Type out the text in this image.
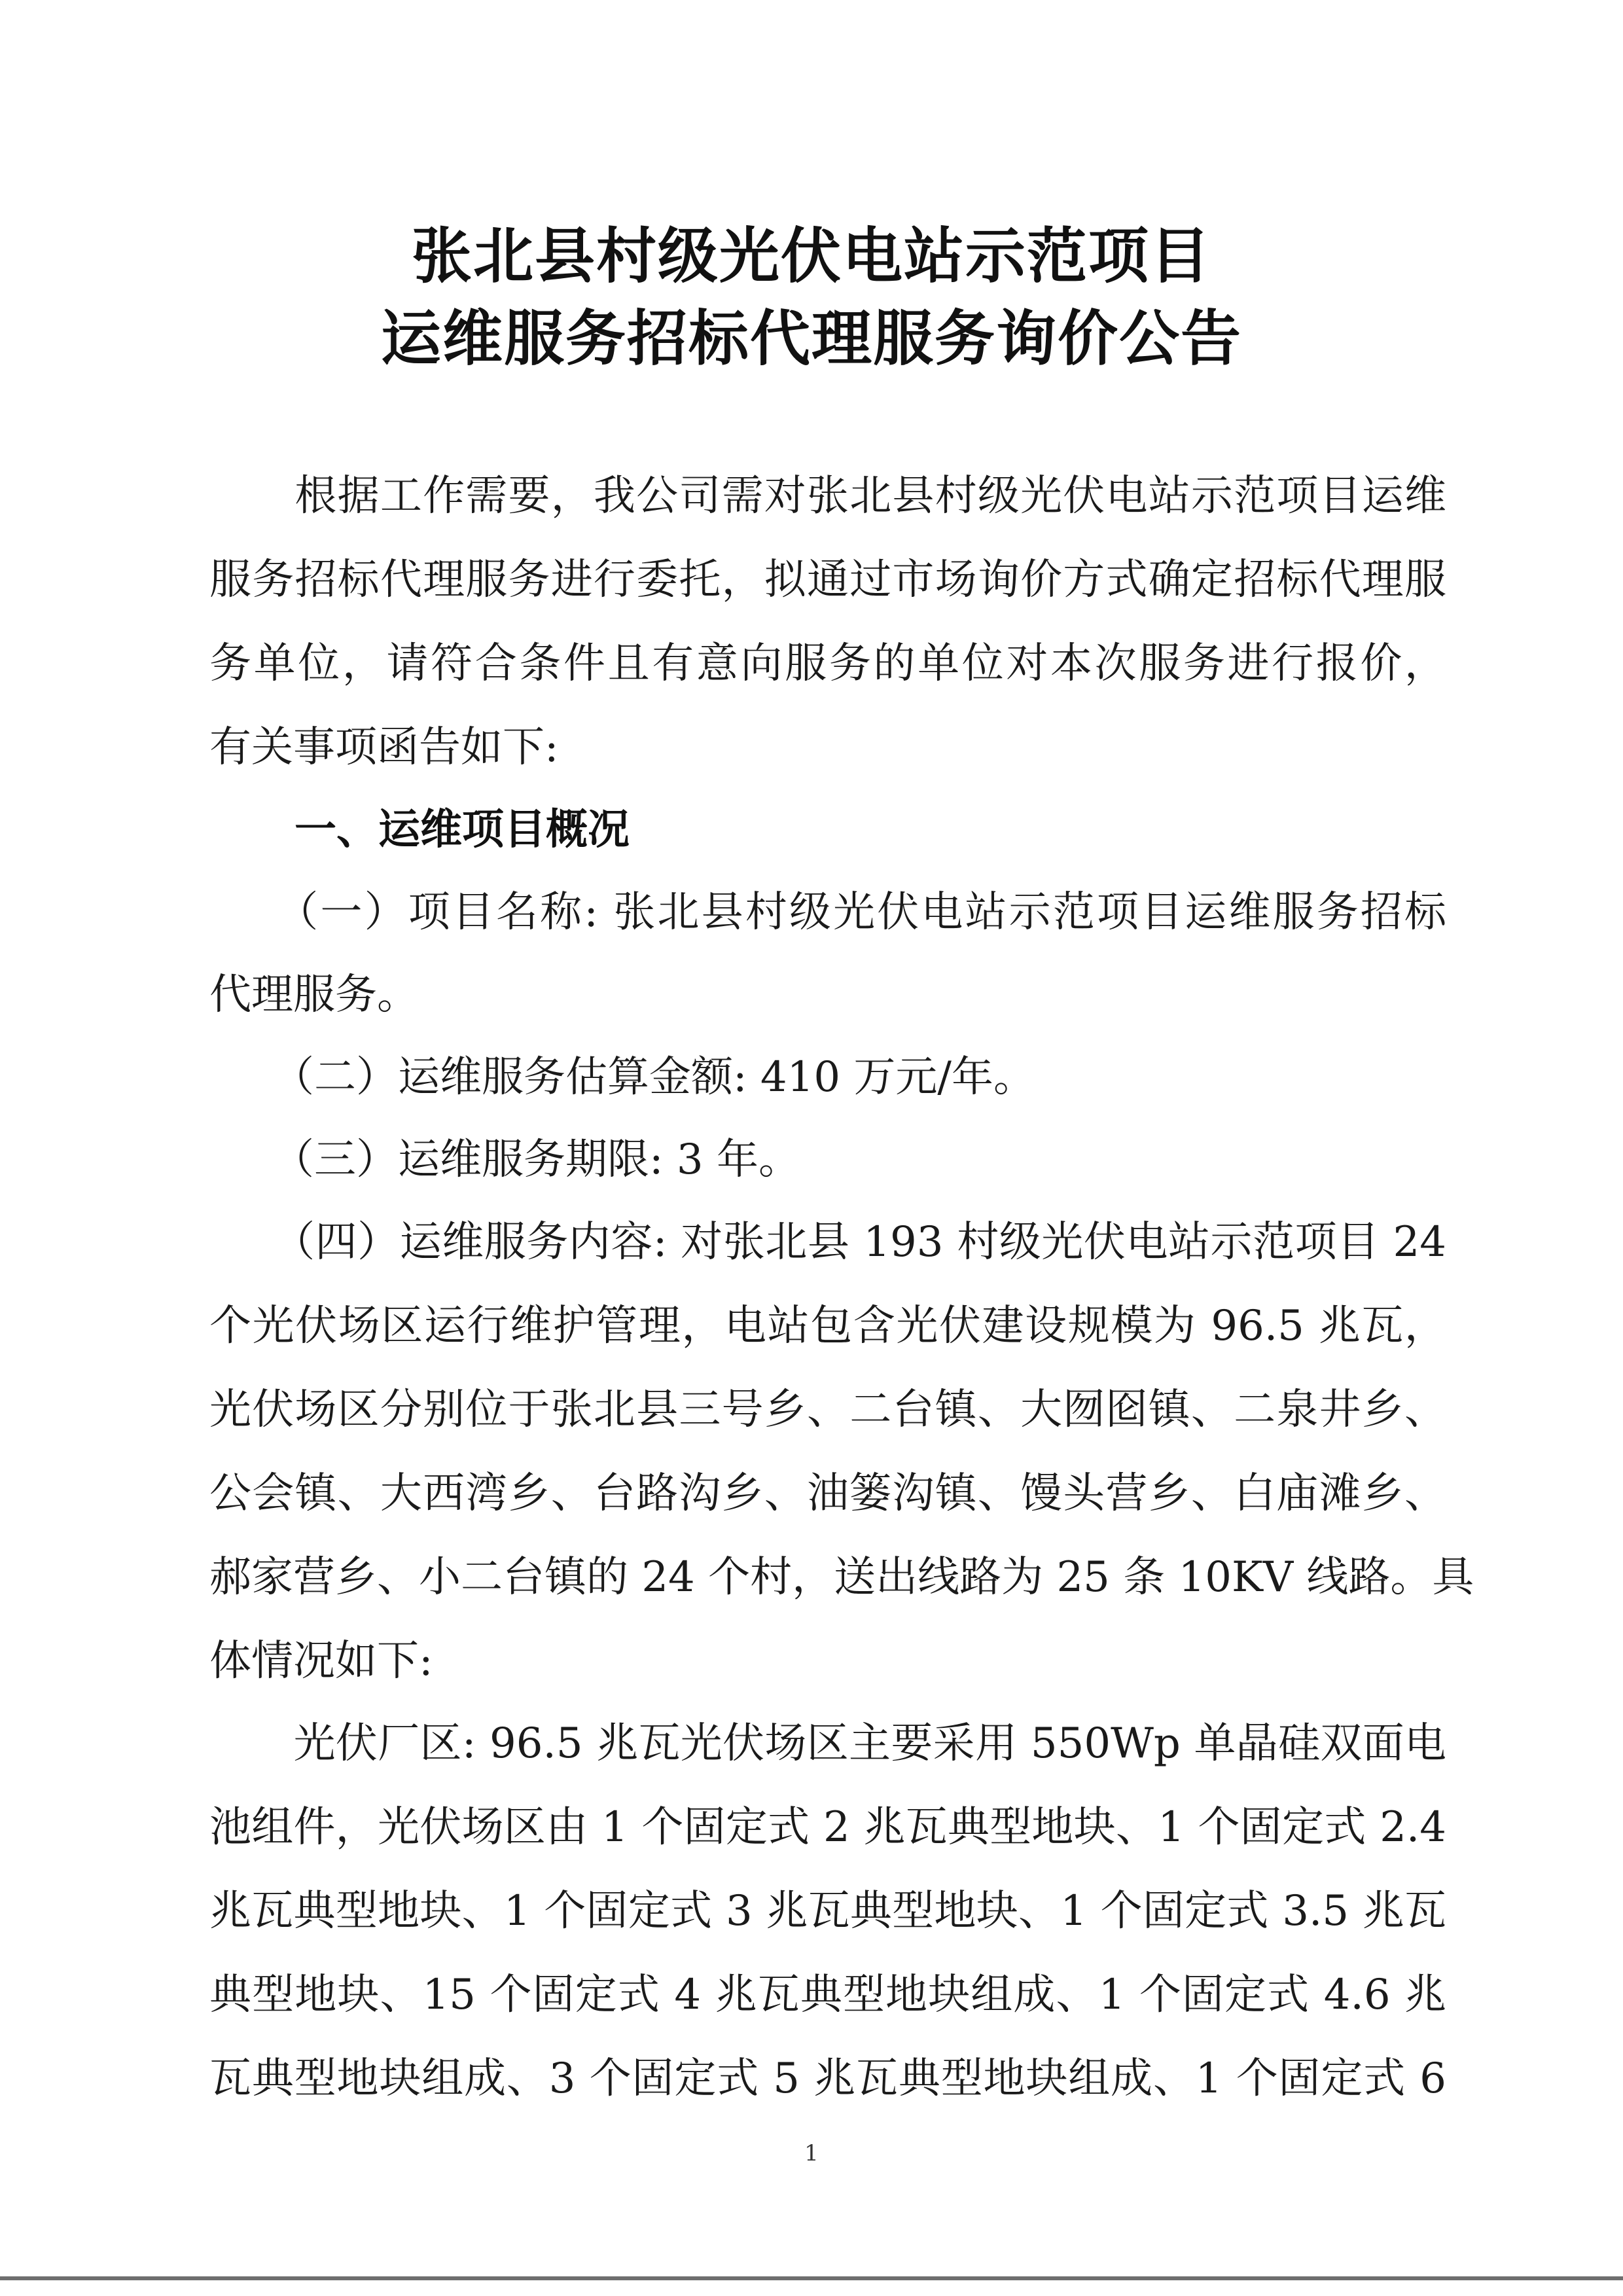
张北县村级光伏电站示范项目
运维服务招标代理服务询价公告
　　根据工作需要，我公司需对张北县村级光伏电站示范项目运维
服务招标代理服务进行委托，拟通过市场询价方式确定招标代理服
务单位，请符合条件且有意向服务的单位对本次服务进行报价，
有关事项函告如下:
一、运维项目概况
　　（一）项目名称: 张北县村级光伏电站示范项目运维服务招标
代理服务。
　　（二）运维服务估算金额: 410 万元/年。
　　（三）运维服务期限: 3 年。
　　（四）运维服务内容: 对张北县 193 村级光伏电站示范项目 24
个光伏场区运行维护管理，电站包含光伏建设规模为 96.5 兆瓦，
光伏场区分别位于张北县三号乡、二台镇、大囫囵镇、二泉井乡、
公会镇、大西湾乡、台路沟乡、油篓沟镇、馒头营乡、白庙滩乡、
郝家营乡、小二台镇的 24 个村，送出线路为 25 条 10KV 线路。具
体情况如下:
　　光伏厂区: 96.5 兆瓦光伏场区主要采用 550Wp 单晶硅双面电
池组件，光伏场区由 1 个固定式 2 兆瓦典型地块、1 个固定式 2.4
兆瓦典型地块、1 个固定式 3 兆瓦典型地块、1 个固定式 3.5 兆瓦
典型地块、15 个固定式 4 兆瓦典型地块组成、1 个固定式 4.6 兆
瓦典型地块组成、3 个固定式 5 兆瓦典型地块组成、1 个固定式 6
1
